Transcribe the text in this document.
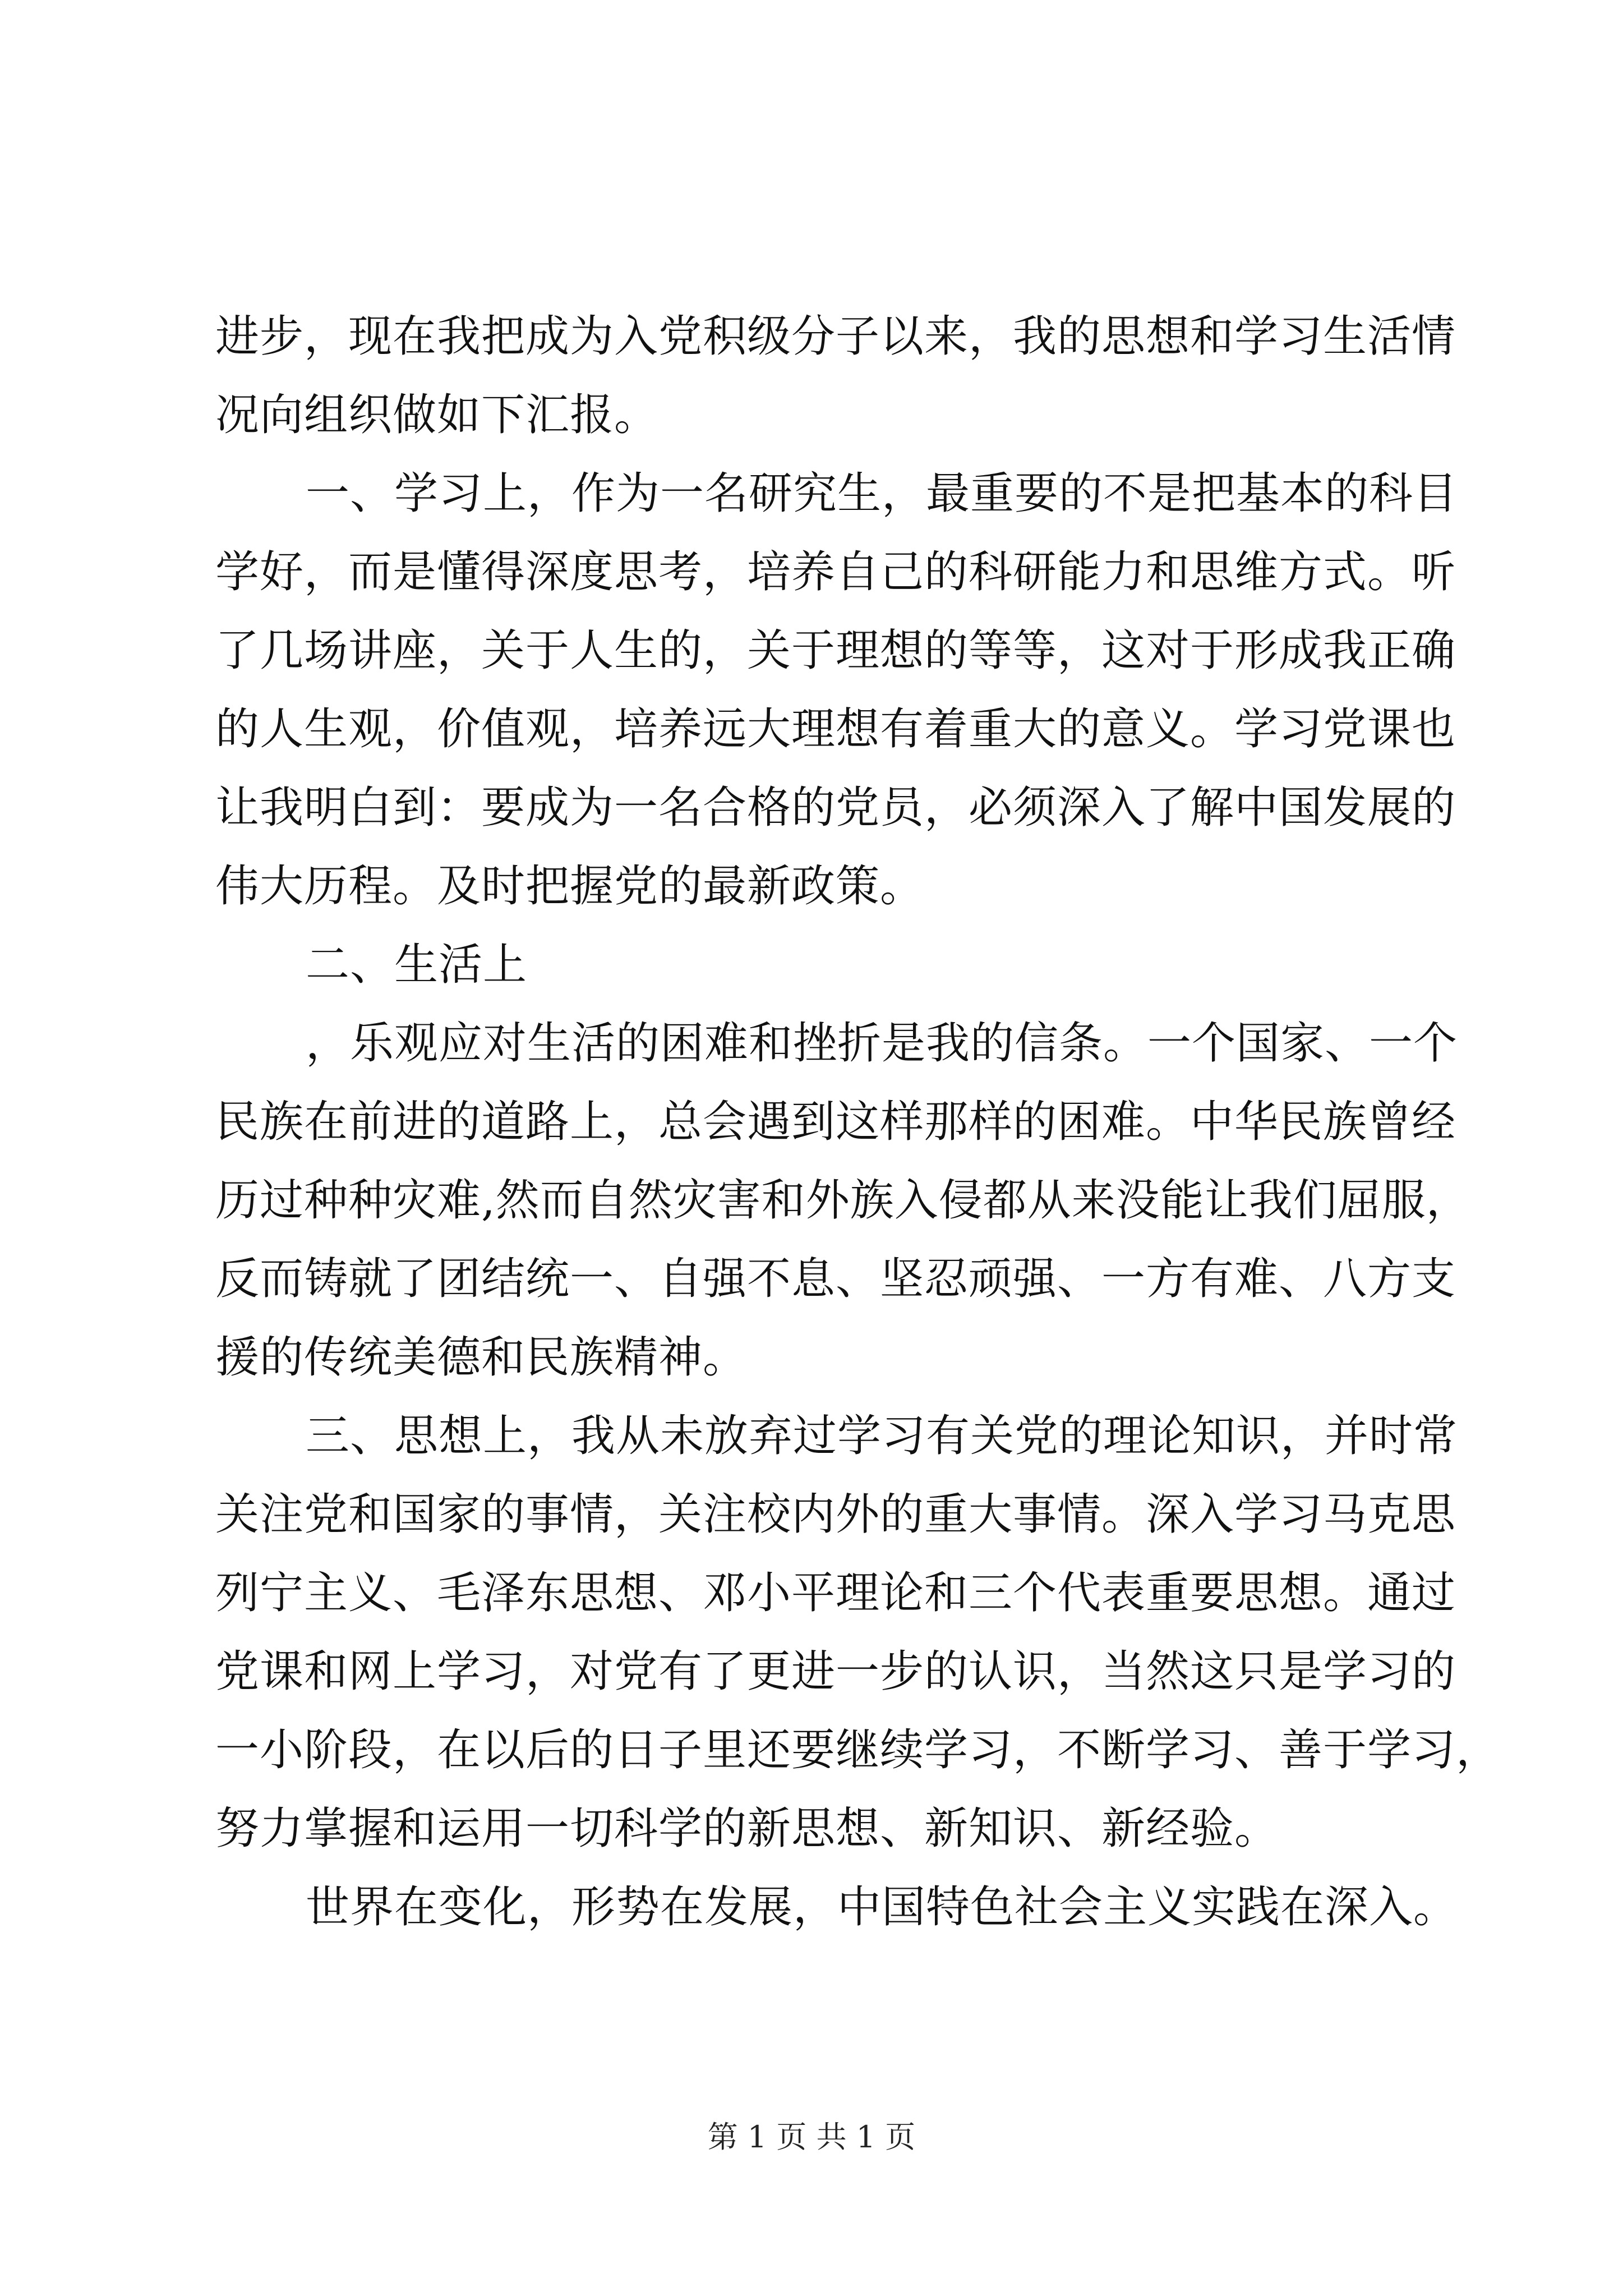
进步，现在我把成为入党积级分子以来，我的思想和学习生活情
况向组织做如下汇报。
一、学习上，作为一名研究生，最重要的不是把基本的科目
学好，而是懂得深度思考，培养自己的科研能力和思维方式。听
了几场讲座，关于人生的，关于理想的等等，这对于形成我正确
的人生观，价值观，培养远大理想有着重大的意义。学习党课也
让我明白到：要成为一名合格的党员，必须深入了解中国发展的
伟大历程。及时把握党的最新政策。
二、生活上
，乐观应对生活的困难和挫折是我的信条。一个国家、一个
民族在前进的道路上，总会遇到这样那样的困难。中华民族曾经
历过种种灾难,然而自然灾害和外族入侵都从来没能让我们屈服，
反而铸就了团结统一、自强不息、坚忍顽强、一方有难、八方支
援的传统美德和民族精神。
三、思想上，我从未放弃过学习有关党的理论知识，并时常
关注党和国家的事情，关注校内外的重大事情。深入学习马克思
列宁主义、毛泽东思想、邓小平理论和三个代表重要思想。通过
党课和网上学习，对党有了更进一步的认识，当然这只是学习的
一小阶段，在以后的日子里还要继续学习，不断学习、善于学习，
努力掌握和运用一切科学的新思想、新知识、新经验。
世界在变化，形势在发展，中国特色社会主义实践在深入。
第 1 页 共 1 页
